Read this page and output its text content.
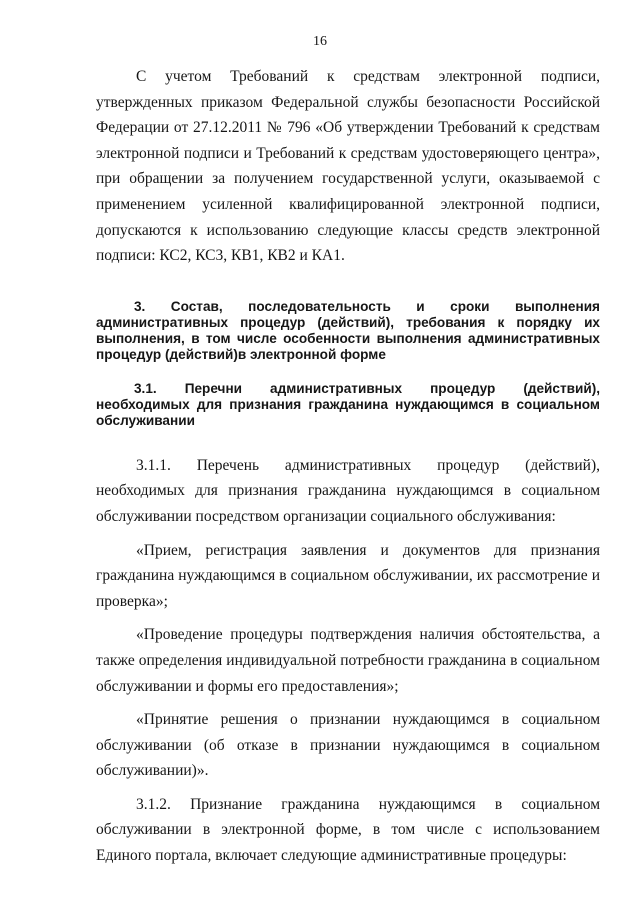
16

С учетом Требований к средствам электронной подписи, утвержденных приказом Федеральной службы безопасности Российской Федерации от 27.12.2011 № 796 «Об утверждении Требований к средствам электронной подписи и Требований к средствам удостоверяющего центра», при обращении за получением государственной услуги, оказываемой с применением усиленной квалифицированной электронной подписи, допускаются к использованию следующие классы средств электронной подписи: КС2, КС3, КВ1, КВ2 и КА1.

3. Состав, последовательность и сроки выполнения административных процедур (действий), требования к порядку их выполнения, в том числе особенности выполнения административных процедур (действий)в электронной форме

3.1. Перечни административных процедур (действий), необходимых для признания гражданина нуждающимся в социальном обслуживании

3.1.1. Перечень административных процедур (действий), необходимых для признания гражданина нуждающимся в социальном обслуживании посредством организации социального обслуживания:

«Прием, регистрация заявления и документов для признания гражданина нуждающимся в социальном обслуживании, их рассмотрение и проверка»;

«Проведение процедуры подтверждения наличия обстоятельства, а также определения индивидуальной потребности гражданина в социальном обслуживании и формы его предоставления»;

«Принятие решения о признании нуждающимся в социальном обслуживании (об отказе в признании нуждающимся в социальном обслуживании)».

3.1.2. Признание гражданина нуждающимся в социальном обслуживании в электронной форме, в том числе с использованием Единого портала, включает следующие административные процедуры:
